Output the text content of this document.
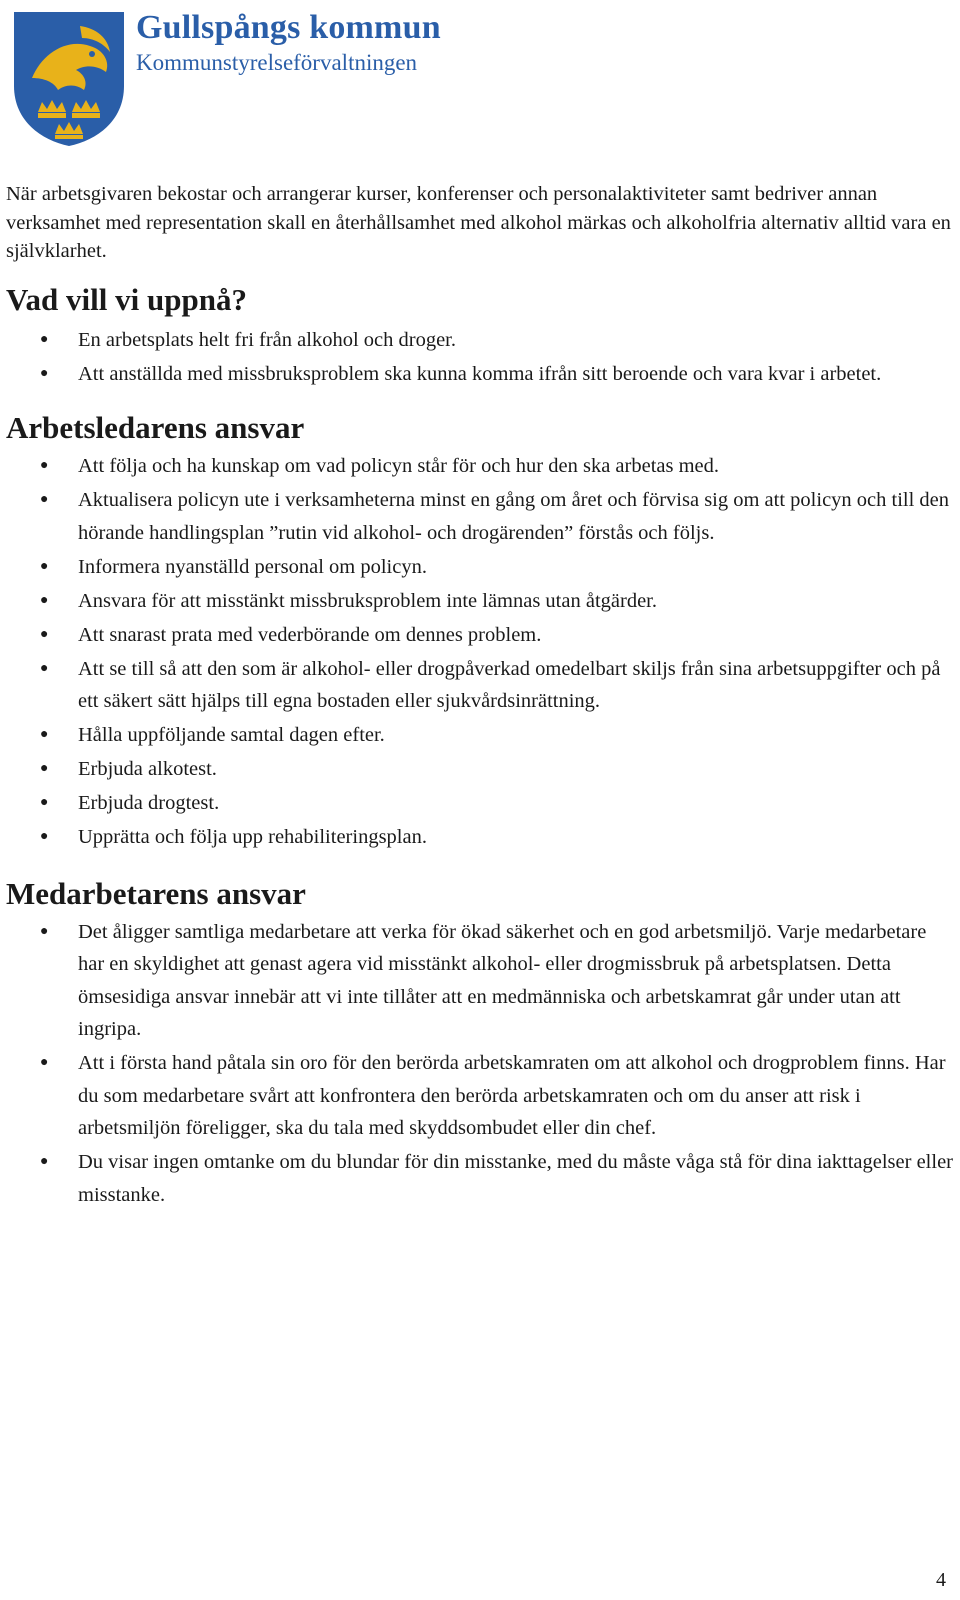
Gullspångs kommun
Kommunstyrelseförvaltningen

När arbetsgivaren bekostar och arrangerar kurser, konferenser och personalaktiviteter samt bedriver annan verksamhet med representation skall en återhållsamhet med alkohol märkas och alkoholfria alternativ alltid vara en självklarhet.

Vad vill vi uppnå?
● En arbetsplats helt fri från alkohol och droger.
● Att anställda med missbruksproblem ska kunna komma ifrån sitt beroende och vara kvar i arbetet.
Arbetsledarens ansvar
● Att följa och ha kunskap om vad policyn står för och hur den ska arbetas med.
● Aktualisera policyn ute i verksamheterna minst en gång om året och förvisa sig om att policyn och till den hörande handlingsplan ”rutin vid alkohol- och drogärenden” förstås och följs.
● Informera nyanställd personal om policyn.
● Ansvara för att misstänkt missbruksproblem inte lämnas utan åtgärder.
● Att snarast prata med vederbörande om dennes problem.
● Att se till så att den som är alkohol- eller drogpåverkad omedelbart skiljs från sina arbetsuppgifter och på ett säkert sätt hjälps till egna bostaden eller sjukvårdsinrättning.
● Hålla uppföljande samtal dagen efter.
● Erbjuda alkotest.
● Erbjuda drogtest.
● Upprätta och följa upp rehabiliteringsplan.
Medarbetarens ansvar
● Det åligger samtliga medarbetare att verka för ökad säkerhet och en god arbetsmiljö. Varje medarbetare har en skyldighet att genast agera vid misstänkt alkohol- eller drogmissbruk på arbetsplatsen. Detta ömsesidiga ansvar innebär att vi inte tillåter att en medmänniska och arbetskamrat går under utan att ingripa.
● Att i första hand påtala sin oro för den berörda arbetskamraten om att alkohol och drogproblem finns. Har du som medarbetare svårt att konfrontera den berörda arbetskamraten och om du anser att risk i arbetsmiljön föreligger, ska du tala med skyddsombudet eller din chef.
● Du visar ingen omtanke om du blundar för din misstanke, med du måste våga stå för dina iakttagelser eller misstanke.
4
